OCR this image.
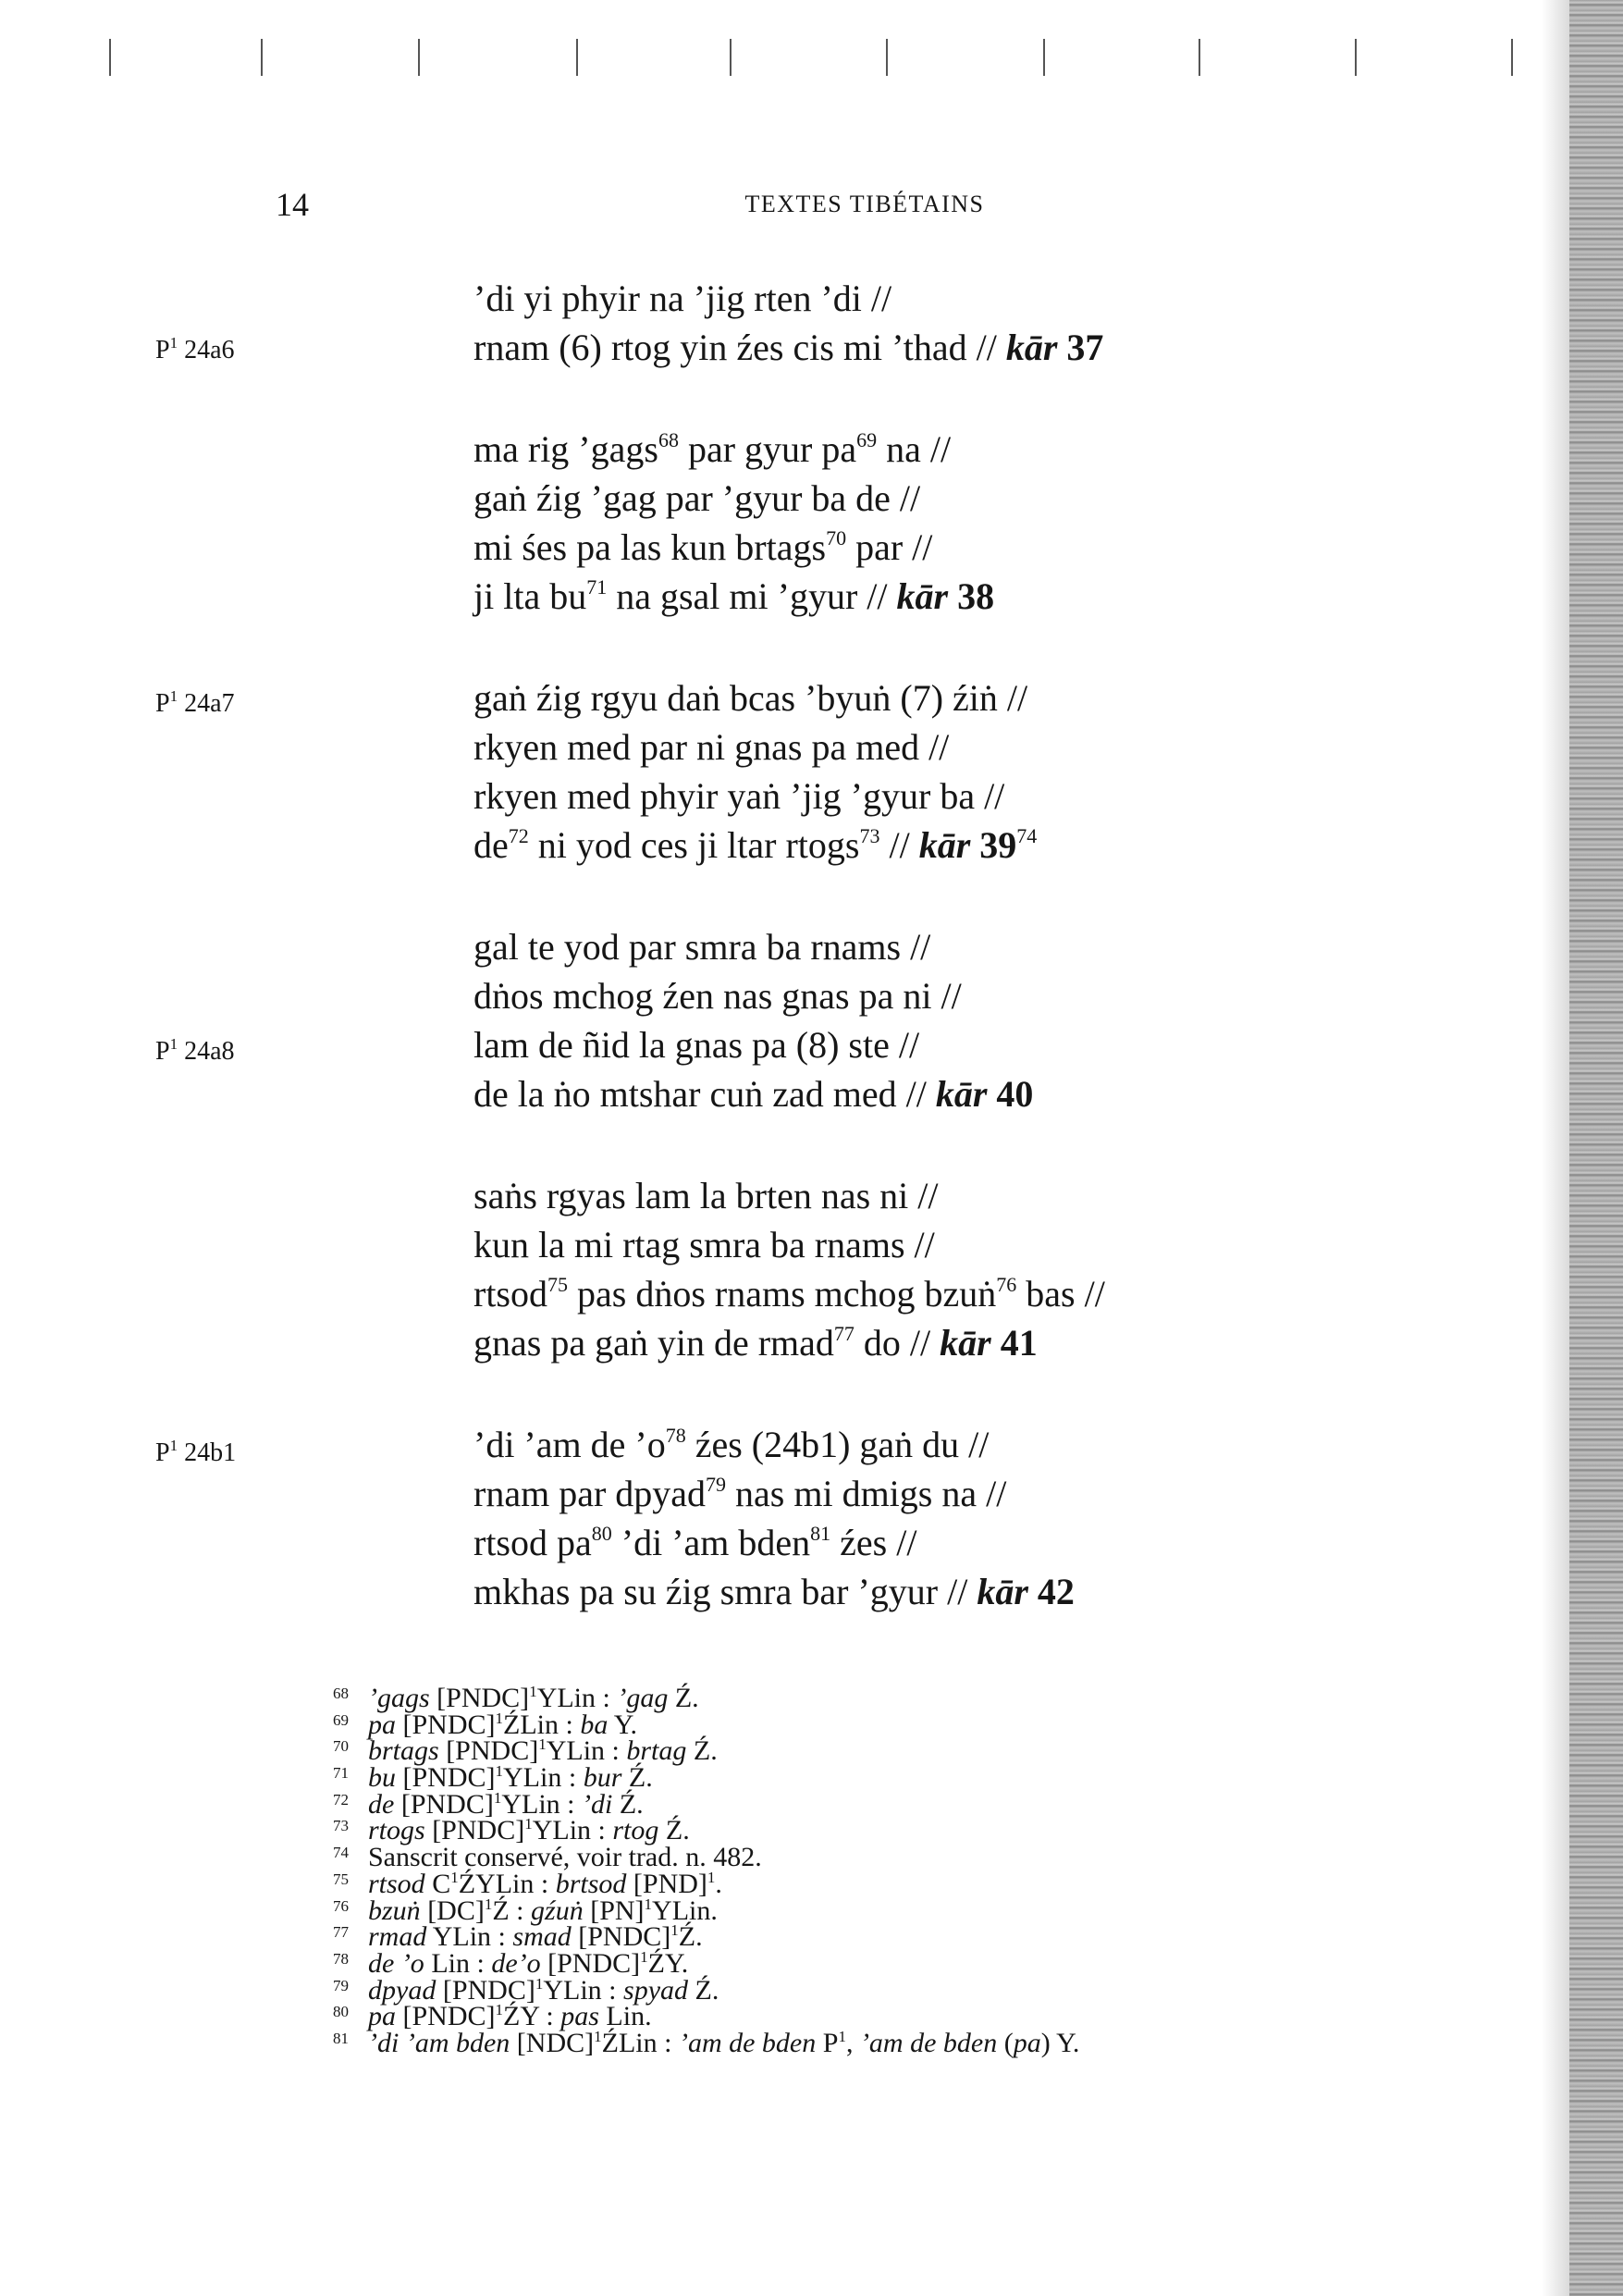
14	TEXTES TIBÉTAINS
$P^1$ 24a6
$P^1$ 24a7
$P^1$ 24a8
$P^1$ 24b1
’di yi phyir na ’jig rten ’di //
rnam (6) rtog yin źes cis mi ’thad // kār 37
ma rig ’gags$^{68}$ par gyur $pa^{69}$ na //
gaṅ źig ’gag par ’gyur ba de //
mi śes pa las kun brtags$^{70}$ par //
ji lta $bu^{71}$ na gsal mi ’gyur // kār 38
gaṅ źig rgyu daṅ bcas ’byuṅ (7) źiṅ //
rkyen med par ni gnas pa med //
rkyen med phyir yaṅ ’jig ’gyur ba //
$de^{72}$ ni yod ces ji ltar rtogs$^{73}$ // kār $39^{74}$
gal te yod par smra ba rnams //
dṅos mchog źen nas gnas pa ni //
lam de ñid la gnas pa (8) ste //
de la ṅo mtshar cuṅ zad med // kār 40
saṅs rgyas lam la brten nas ni //
kun la mi rtag smra ba rnams //
rtsod$^{75}$ pas dṅos rnams mchog bzuṅ$^{76}$ bas //
gnas pa gaṅ yin de rmad$^{77}$ do // kār 41
’di ’am de $’o^{78}$ źes (24b1) gaṅ du //
rnam par dpyad$^{79}$ nas mi dmigs na //
rtsod $pa^{80}$ ’di ’am bden$^{81}$ źes //
mkhas pa su źig smra bar ’gyur // kār 42
68 ’gags [PNDC]$^1$YLin : ’gag Ź.
69 pa [PNDC]$^1$ŹLin : ba Y.
70 brtags [PNDC]$^1$YLin : brtag Ź.
71 bu [PNDC]$^1$YLin : bur Ź.
72 de [PNDC]$^1$YLin : ’di Ź.
73 rtogs [PNDC]$^1$YLin : rtog Ź.
74 Sanscrit conservé, voir trad. n. 482.
75 rtsod $C^1ŹYLin$ : brtsod [PND]$^1$.
76 bzuṅ [DC]$^1$Ź : gźuṅ [PN]$^1$YLin.
77 rmad YLin : smad [PNDC]$^1$Ź.
78 de ’o Lin : de’o [PNDC]$^1$ŹY.
79 dpyad [PNDC]$^1$YLin : spyad Ź.
80 pa [PNDC]$^1$ŹY : pas Lin.
81 ’di ’am bden [NDC]$^1$ŹLin : ’am de bden $P^1$, ’am de bden (pa) Y.
